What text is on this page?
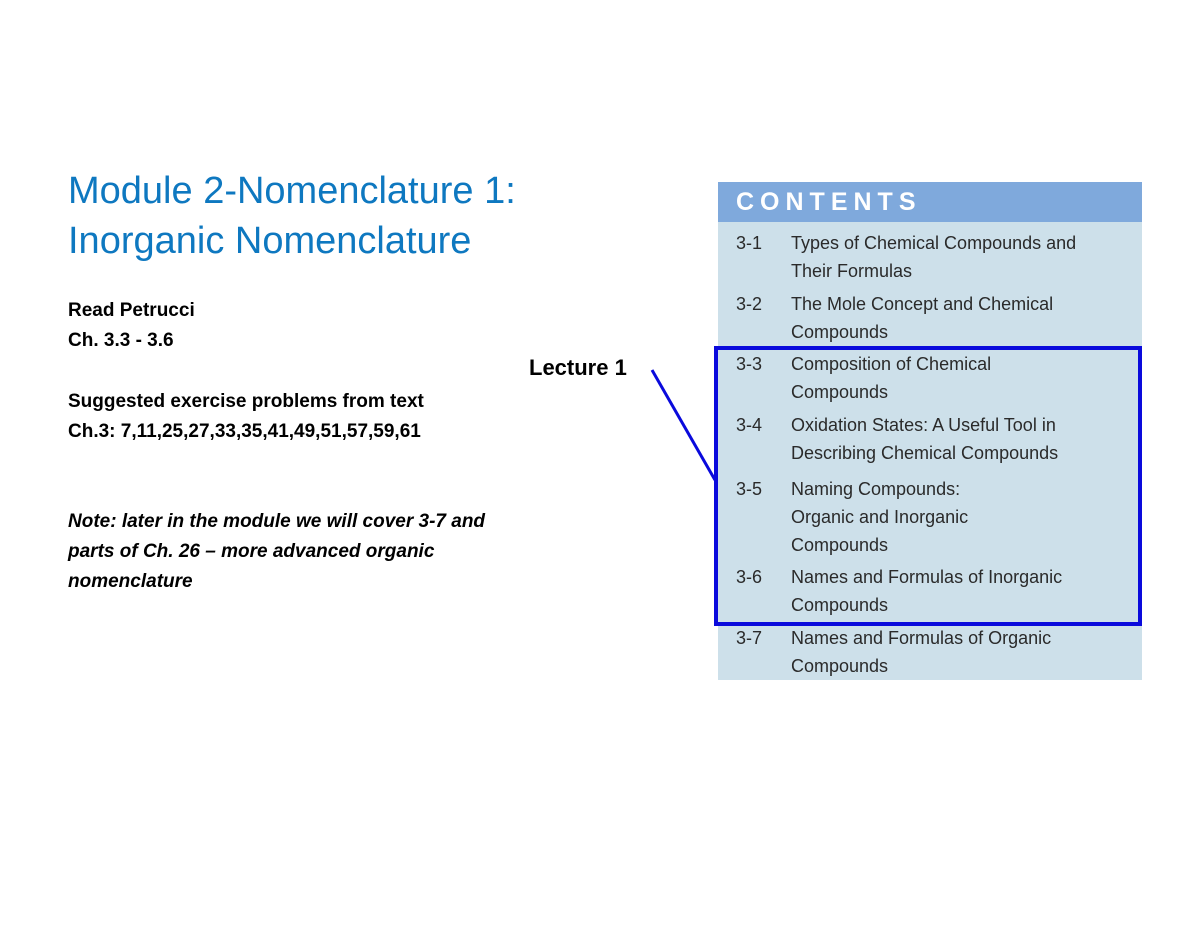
Module 2-Nomenclature 1:
Inorganic Nomenclature
Read Petrucci
Ch. 3.3 - 3.6
Suggested exercise problems from text
Ch.3: 7,11,25,27,33,35,41,49,51,57,59,61
Note: later in the module we will cover 3-7 and
parts of Ch. 26 – more advanced organic
nomenclature
Lecture 1
CONTENTS
3-1 Types of Chemical Compounds and
Their Formulas
3-2 The Mole Concept and Chemical
Compounds
3-3 Composition of Chemical
Compounds
3-4 Oxidation States: A Useful Tool in
Describing Chemical Compounds
3-5 Naming Compounds:
Organic and Inorganic
Compounds
3-6 Names and Formulas of Inorganic
Compounds
3-7 Names and Formulas of Organic
Compounds
